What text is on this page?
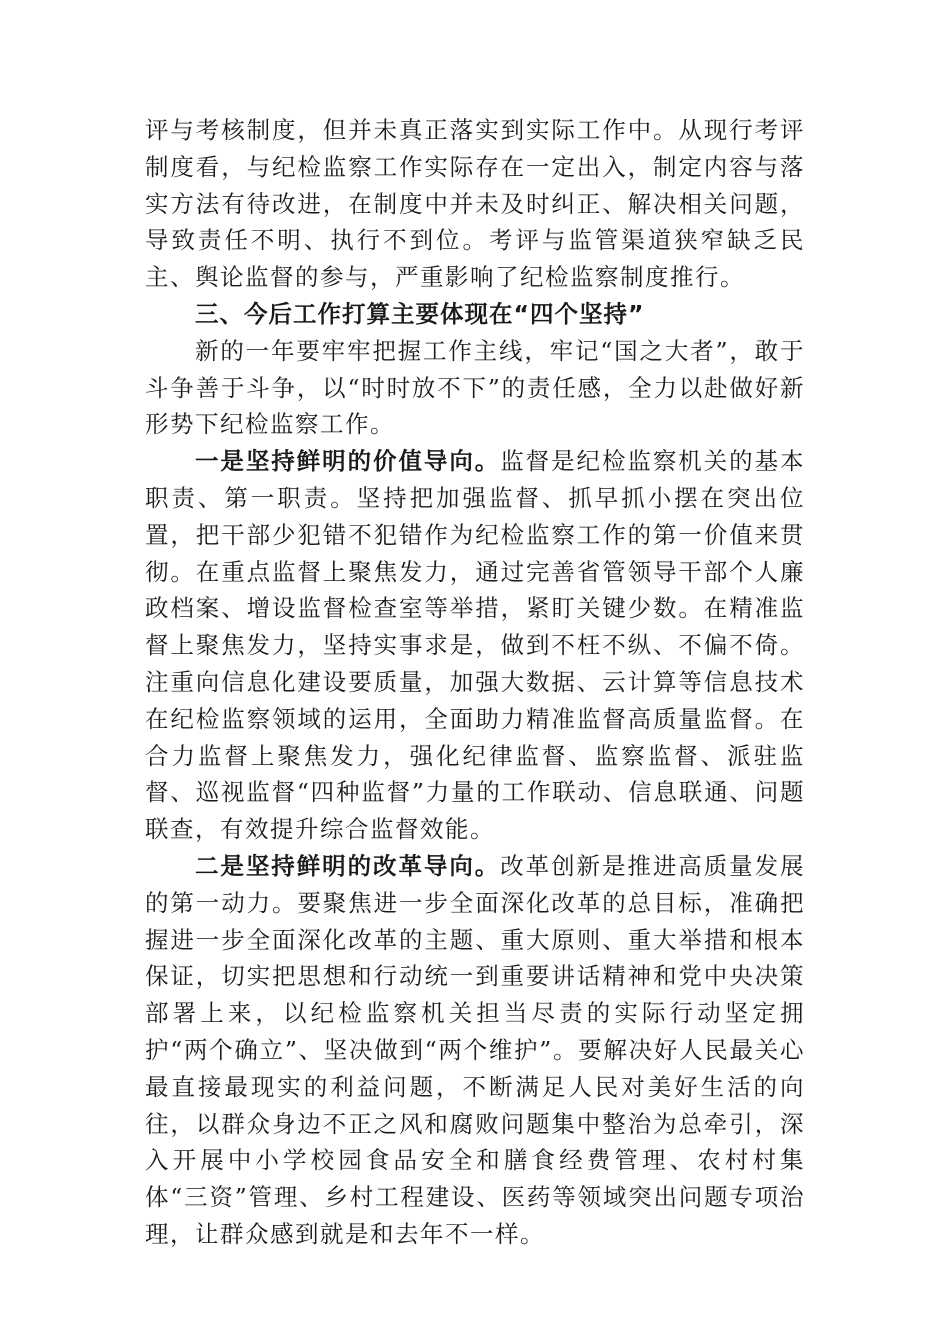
评与考核制度，但并未真正落实到实际工作中。从现行考评制度看，与纪检监察工作实际存在一定出入，制定内容与落实方法有待改进，在制度中并未及时纠正、解决相关问题，导致责任不明、执行不到位。考评与监管渠道狭窄缺乏民主、舆论监督的参与，严重影响了纪检监察制度推行。

三、今后工作打算主要体现在“四个坚持”

新的一年要牢牢把握工作主线，牢记“国之大者”，敢于斗争善于斗争，以“时时放不下”的责任感，全力以赴做好新形势下纪检监察工作。

一是坚持鲜明的价值导向。监督是纪检监察机关的基本职责、第一职责。坚持把加强监督、抓早抓小摆在突出位置，把干部少犯错不犯错作为纪检监察工作的第一价值来贯彻。在重点监督上聚焦发力，通过完善省管领导干部个人廉政档案、增设监督检查室等举措，紧盯关键少数。在精准监督上聚焦发力，坚持实事求是，做到不枉不纵、不偏不倚。注重向信息化建设要质量，加强大数据、云计算等信息技术在纪检监察领域的运用，全面助力精准监督高质量监督。在合力监督上聚焦发力，强化纪律监督、监察监督、派驻监督、巡视监督“四种监督”力量的工作联动、信息联通、问题联查，有效提升综合监督效能。

二是坚持鲜明的改革导向。改革创新是推进高质量发展的第一动力。要聚焦进一步全面深化改革的总目标，准确把握进一步全面深化改革的主题、重大原则、重大举措和根本保证，切实把思想和行动统一到重要讲话精神和党中央决策部署上来，以纪检监察机关担当尽责的实际行动坚定拥护“两个确立”、坚决做到“两个维护”。要解决好人民最关心最直接最现实的利益问题，不断满足人民对美好生活的向往，以群众身边不正之风和腐败问题集中整治为总牵引，深入开展中小学校园食品安全和膳食经费管理、农村村集体“三资”管理、乡村工程建设、医药等领域突出问题专项治理，让群众感到就是和去年不一样。
